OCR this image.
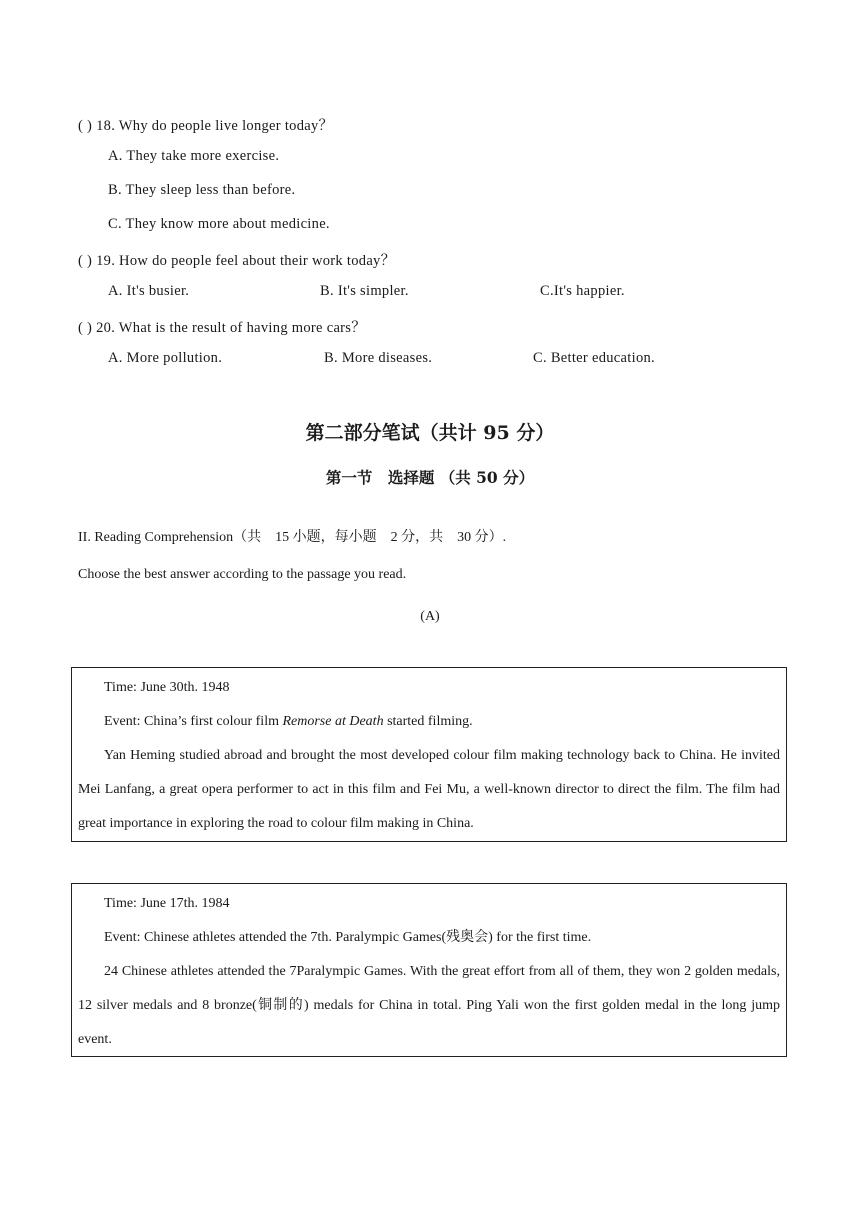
( ) 18. Why do people live longer today？
A. They take more exercise.
B. They sleep less than before.
C. They know more about medicine.
( ) 19. How do people feel about their work today？
A. It's busier.	B. It's simpler.	C.It's happier.
( ) 20. What is the result of having more cars？
A. More pollution.	B. More diseases.	C. Better education.
第二部分笔试（共计 95 分）
第一节　选择题 （共 50 分）
II. Reading Comprehension（共　15 小题，每小题　2 分，共　30 分）.
Choose the best answer according to the passage you read.
(A)

Time: June 30th. 1948

Event: China’s first colour film Remorse at Death started filming.

Yan Heming studied abroad and brought the most developed colour film making technology back to China. He invited Mei Lanfang, a great opera performer to act in this film and Fei Mu, a well-known director to direct the film. The film had great importance in exploring the road to colour film making in China.

Time: June 17th. 1984

Event: Chinese athletes attended the 7th. Paralympic Games(残奥会) for the first time.

24 Chinese athletes attended the 7Paralympic Games. With the great effort from all of them, they won 2 golden medals, 12 silver medals and 8 bronze(铜制的) medals for China in total. Ping Yali won the first golden medal in the long jump event.
